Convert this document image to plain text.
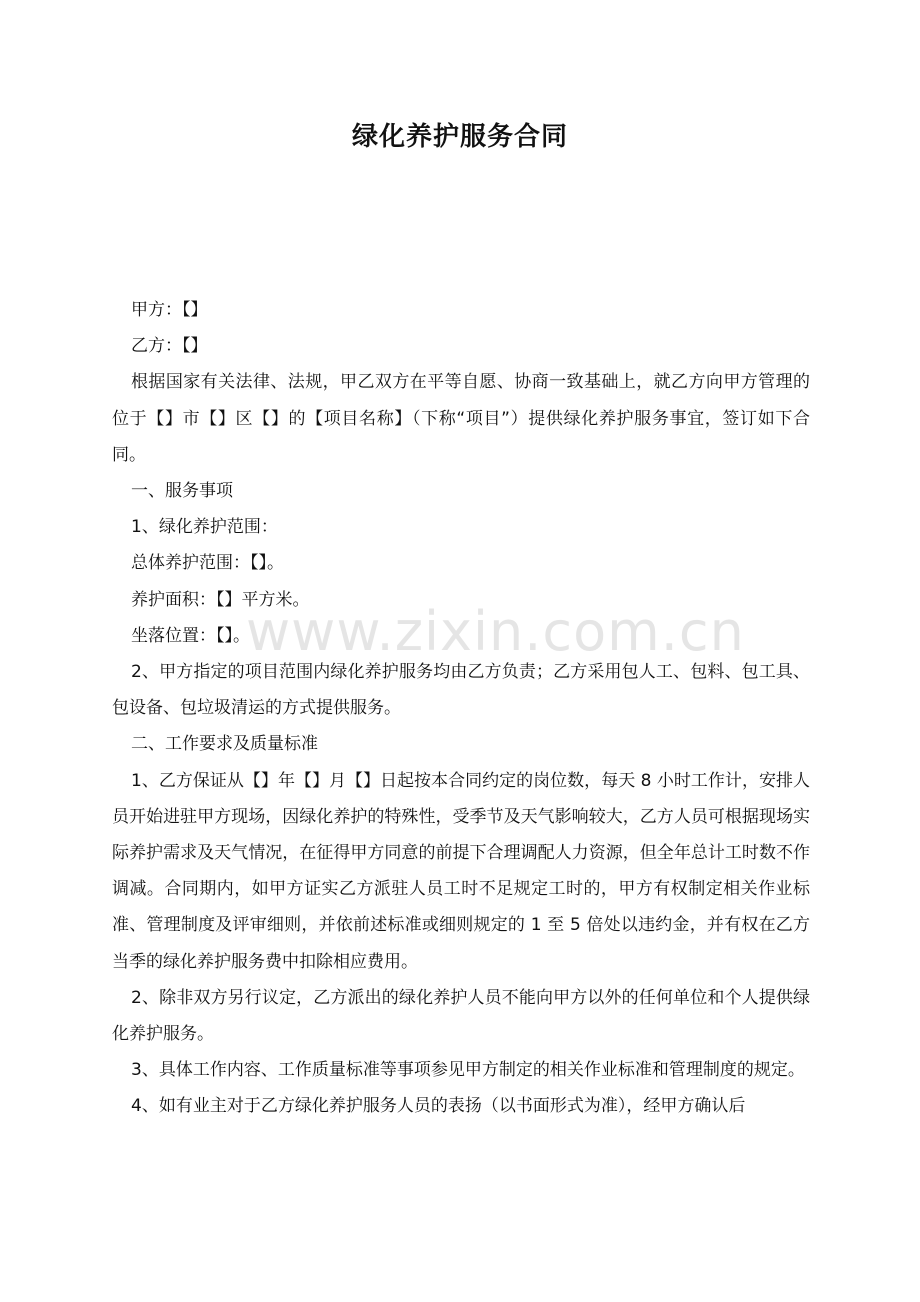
绿化养护服务合同

甲方：【】

乙方：【】

根据国家有关法律、法规，甲乙双方在平等自愿、协商一致基础上，就乙方向甲方管理的位于【】市【】区【】的【项目名称】（下称“项目”）提供绿化养护服务事宜，签订如下合同。

一、服务事项

1、绿化养护范围：

总体养护范围：【】。

养护面积：【】平方米。

坐落位置：【】。

2、甲方指定的项目范围内绿化养护服务均由乙方负责；乙方采用包人工、包料、包工具、包设备、包垃圾清运的方式提供服务。

二、工作要求及质量标准

1、乙方保证从【】年【】月【】日起按本合同约定的岗位数，每天 8 小时工作计，安排人员开始进驻甲方现场，因绿化养护的特殊性，受季节及天气影响较大，乙方人员可根据现场实际养护需求及天气情况，在征得甲方同意的前提下合理调配人力资源，但全年总计工时数不作调减。合同期内，如甲方证实乙方派驻人员工时不足规定工时的，甲方有权制定相关作业标准、管理制度及评审细则，并依前述标准或细则规定的 1 至 5 倍处以违约金，并有权在乙方当季的绿化养护服务费中扣除相应费用。

2、除非双方另行议定，乙方派出的绿化养护人员不能向甲方以外的任何单位和个人提供绿化养护服务。

3、具体工作内容、工作质量标准等事项参见甲方制定的相关作业标准和管理制度的规定。

4、如有业主对于乙方绿化养护服务人员的表扬（以书面形式为准），经甲方确认后

www.zixin.com.cn
